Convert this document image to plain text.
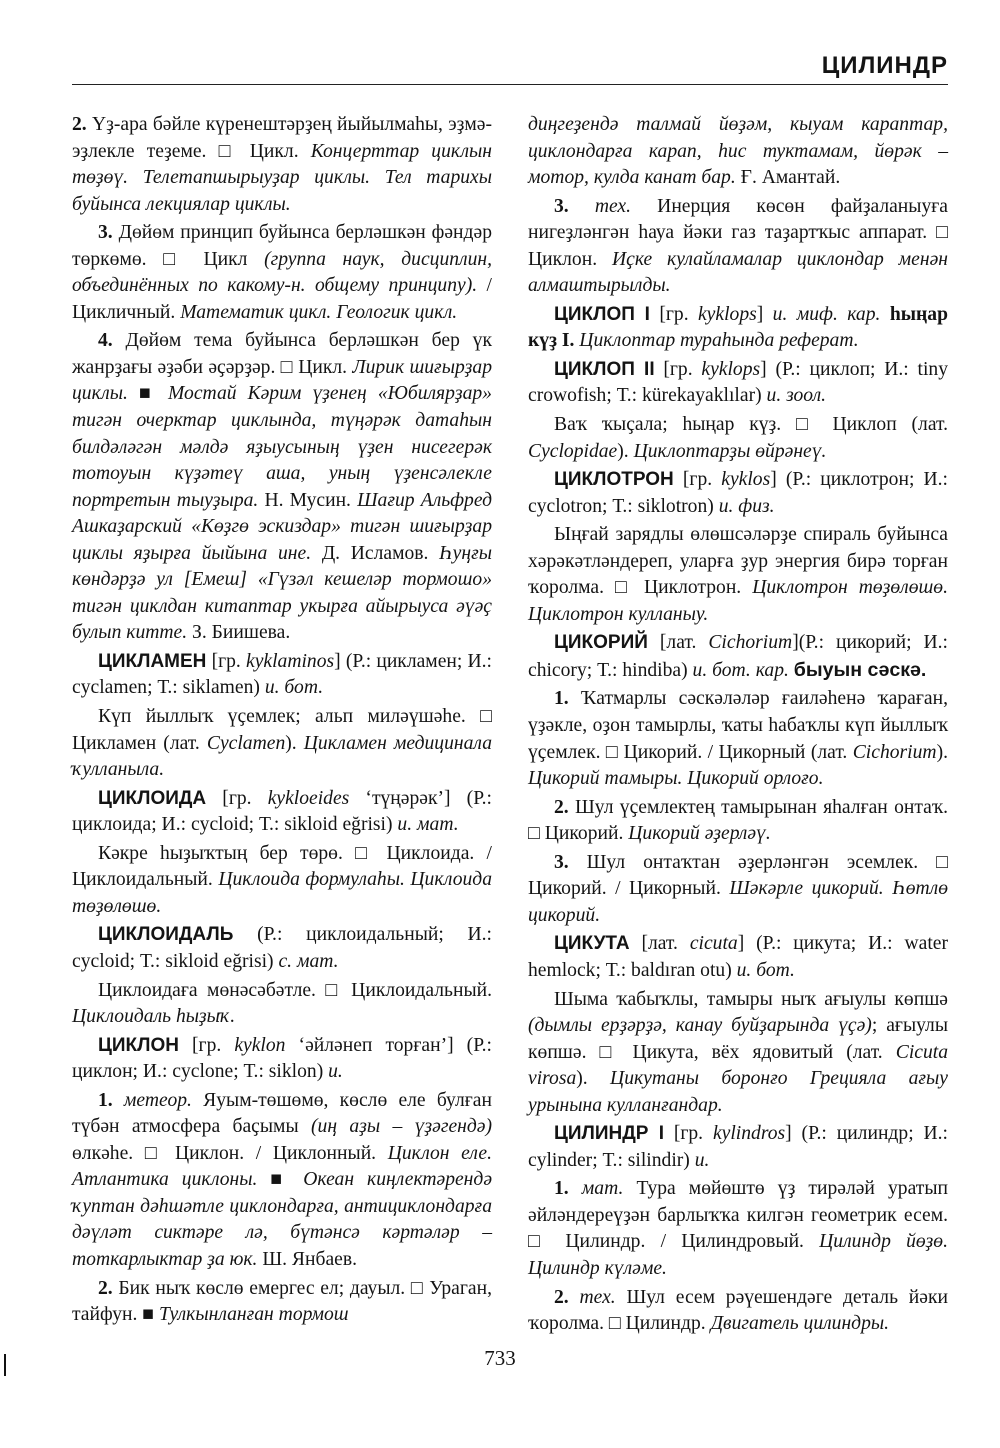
ЦИЛИНДР

2. Үҙ-ара бәйле күренештәрҙең йыйылмаһы, эҙмә-эҙлекле теҙеме. □ Цикл. Концерттар циклын төҙөү. Телетапшырыуҙар циклы. Тел тарихы буйынса лекциялар циклы.

3. Дөйөм принцип буйынса берләшкән фәндәр төркөмө. □ Цикл (группа наук, дисциплин, объединённых по какому-н. общему принципу). / Цикличный. Математик цикл. Геологик цикл.

4. Дөйөм тема буйынса берләшкән бер үк жанрҙағы әҙәби әҫәрҙәр. □ Цикл. Лирик шиғырҙар циклы. ■ Мостай Кәрим үҙенең «Юбилярҙар» тигән очерктар циклында, түңәрәк датаһын билдәләгән мәлдә яҙыусының үҙен нисегерәк тотоуын күҙәтеү аша, уның үҙенсәлекле портретын тыуҙыра. Н. Мусин. Шағир Альфред Ашкаҙарский «Көҙгө эскиздар» тигән шиғырҙар циклы яҙырға йыйына ине. Д. Исламов. Һуңғы көндәрҙә ул [Емеш] «Гүзәл кешеләр тормошо» тигән циклдан китаптар укырға айырыуса әүәҫ булып китте. З. Биишева.

ЦИКЛАМЕН [гр. kyklaminos] (Р.: цикламен; И.: cyclamen; Т.: siklamen) и. бот.

Күп йыллыҡ үҫемлек; альп миләүшәһе. □ Цикламен (лат. Cyclamen). Цикламен медицинала ҡулланыла.

ЦИКЛОИДА [гр. kykloeides ‘түңәрәк’] (Р.: циклоида; И.: cycloid; Т.: sikloid eğrisi) и. мат.

Кәкре һыҙыҡтың бер төрө. □ Циклоида. / Циклоидальный. Циклоида формулаһы. Циклоида төҙөлөшө.

ЦИКЛОИДАЛЬ (Р.: циклоидальный; И.: cycloid; Т.: sikloid eğrisi) с. мат.

Циклоидаға мөнәсәбәтле. □ Циклоидальный. Циклоидаль һыҙыҡ.

ЦИКЛОН [гр. kyklon ‘әйләнеп торған’] (Р.: циклон; И.: cyclone; Т.: siklon) и.

1. метеор. Яуым-төшөмө, көслө еле булған түбән атмосфера баҫымы (иң аҙы – үҙәгендә) өлкәһе. □ Циклон. / Циклонный. Циклон еле. Атлантика циклоны. ■ Океан киңлектәрендә ҡуптан дәһшәтле циклондарға, антициклондарға дәүләт сиктәре лә, бүтәнсә кәртәләр – тоткарлыктар ҙа юк. Ш. Янбаев.

2. Бик ныҡ көслө емергес ел; дауыл. □ Ураган, тайфун. ■ Тулкынланған тормош

диңгеҙендә талмай йөҙәм, кыуам караптар, циклондарға карап, һис туктамам, йөрәк – мотор, кулда канат бар. Ғ. Амантай.

3. тех. Инерция көсөн файҙаланыуға нигеҙләнгән һауа йәки газ таҙартҡыс аппарат. □ Циклон. Иҫке кулайламалар циклондар менән алмаштырылды.

ЦИКЛОП I [гр. kyklops] и. миф. кар. һыңар күҙ I. Циклоптар тураһында реферат.

ЦИКЛОП II [гр. kyklops] (Р.: циклоп; И.: tiny crowofish; Т.: kürekayaklılar) и. зоол.

Ваҡ ҡыҫала; һыңар күҙ. □ Циклоп (лат. Cyclopidae). Циклоптарҙы өйрәнеү.

ЦИКЛОТРОН [гр. kyklos] (Р.: циклотрон; И.: cyclotron; Т.: siklotron) и. физ.

Ыңғай зарядлы өлөшсәләрҙе спираль буйынса хәрәкәтләндереп, уларға ҙур энергия бирә торған ҡоролма. □ Циклотрон. Циклотрон төҙөлөшө. Циклотрон кулланыу.

ЦИКОРИЙ [лат. Cichorium](Р.: цикорий; И.: chicory; Т.: hindiba) и. бот. кар. быуын сәскә.

1. Ҡатмарлы сәскәләләр ғаиләһенә ҡараған, үҙәкле, оҙон тамырлы, ҡаты һабаҡлы күп йыллыҡ үҫемлек. □ Цикорий. / Цикорный (лат. Cichorium). Цикорий тамыры. Цикорий орлоғо.

2. Шул үҫемлектең тамырынан яһалған онтаҡ. □ Цикорий. Цикорий әҙерләү.

3. Шул онтаҡтан әҙерләнгән эсемлек. □ Цикорий. / Цикорный. Шәкәрле цикорий. Һөтлө цикорий.

ЦИКУТА [лат. cicuta] (Р.: цикута; И.: water hemlock; Т.: baldıran otu) и. бот.

Шыма ҡабыҡлы, тамыры ныҡ ағыулы көпшә (дымлы ерҙәрҙә, канау буйҙарында үҫә); ағыулы көпшә. □ Цикута, вёх ядовитый (лат. Cicuta virosa). Цикутаны боронғо Грецияла ағыу урынына кулланғандар.

ЦИЛИНДР I [гр. kylindros] (Р.: цилиндр; И.: cylinder; Т.: silindir) и.

1. мат. Тура мөйөштө үҙ тирәләй уратып әйләндереүҙән барлыҡҡа килгән геометрик есем. □ Цилиндр. / Цилиндровый. Цилиндр йөҙө. Цилиндр күләме.

2. тех. Шул есем рәүешендәге деталь йәки ҡоролма. □ Цилиндр. Двигатель цилиндры.

733
